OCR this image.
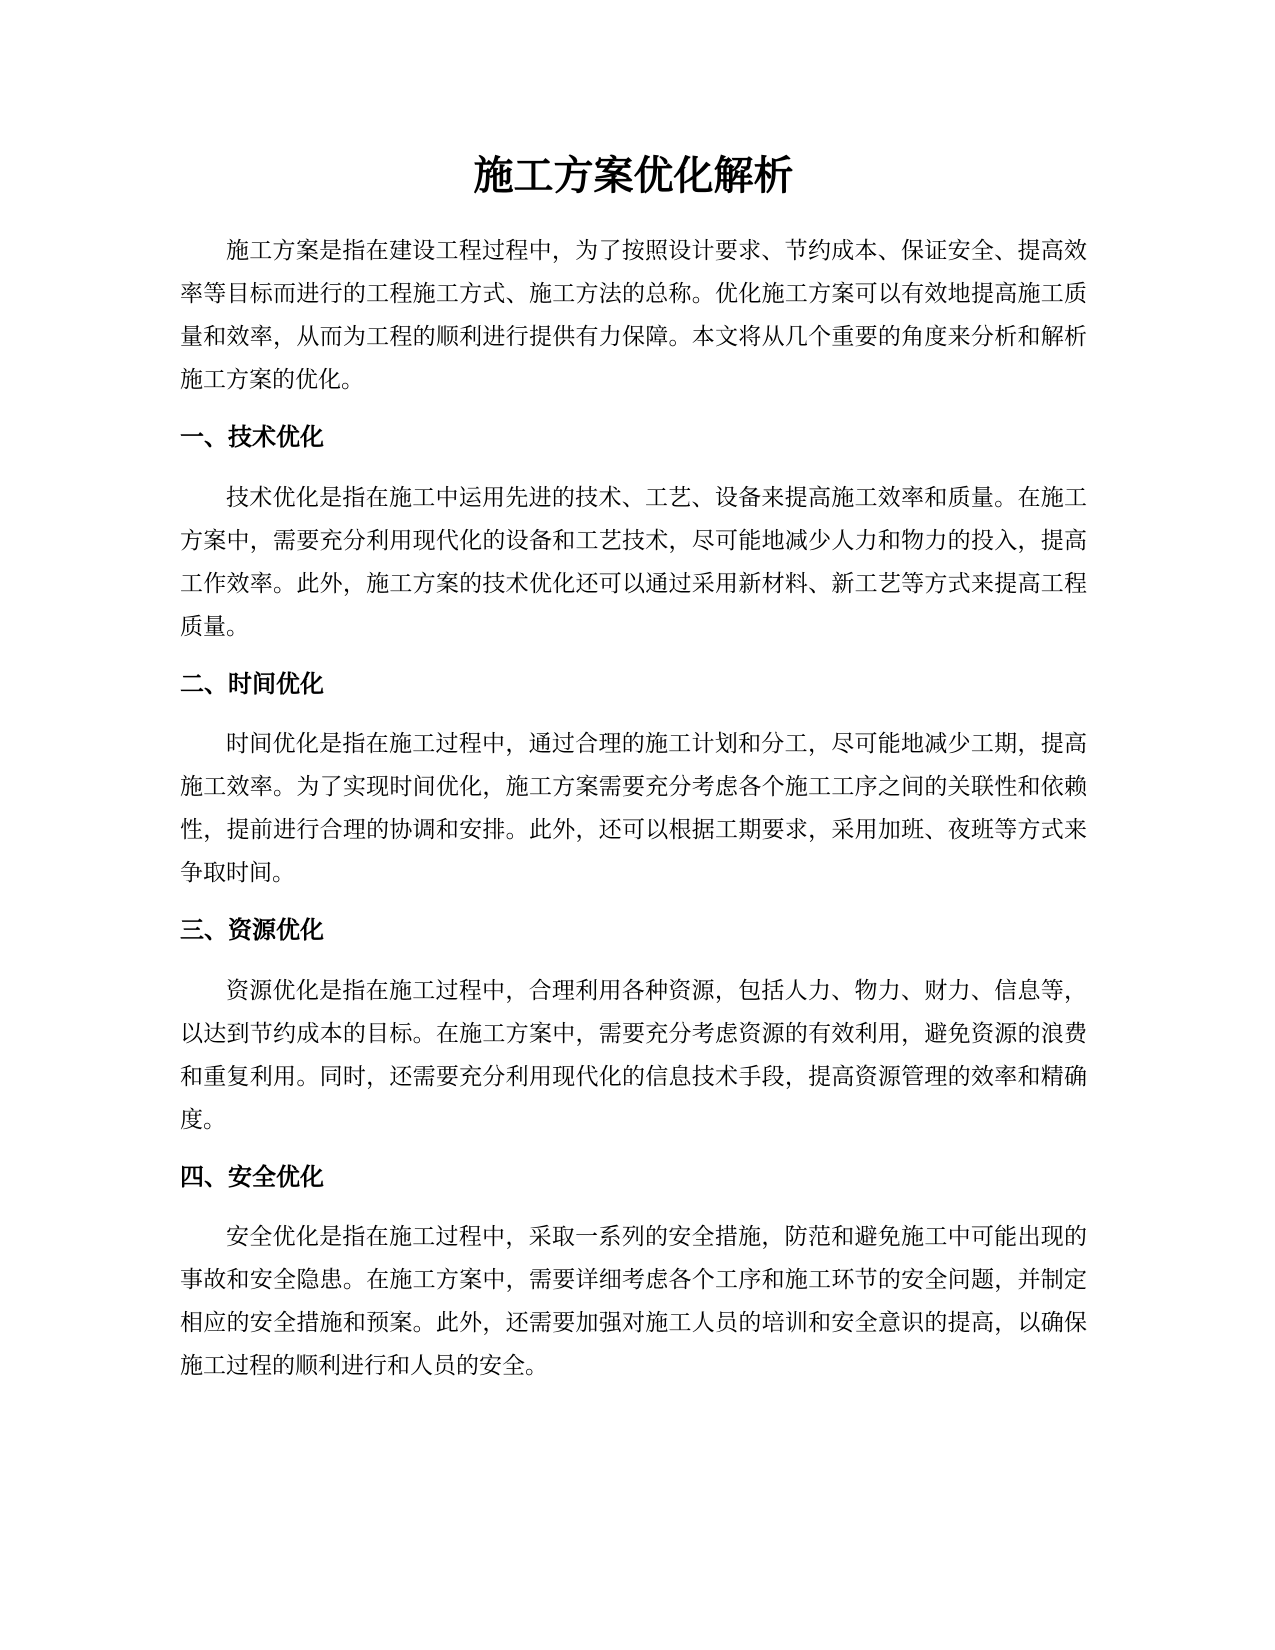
施工方案优化解析

施工方案是指在建设工程过程中，为了按照设计要求、节约成本、保证安全、提高效率等目标而进行的工程施工方式、施工方法的总称。优化施工方案可以有效地提高施工质量和效率，从而为工程的顺利进行提供有力保障。本文将从几个重要的角度来分析和解析施工方案的优化。

一、技术优化

技术优化是指在施工中运用先进的技术、工艺、设备来提高施工效率和质量。在施工方案中，需要充分利用现代化的设备和工艺技术，尽可能地减少人力和物力的投入，提高工作效率。此外，施工方案的技术优化还可以通过采用新材料、新工艺等方式来提高工程质量。

二、时间优化

时间优化是指在施工过程中，通过合理的施工计划和分工，尽可能地减少工期，提高施工效率。为了实现时间优化，施工方案需要充分考虑各个施工工序之间的关联性和依赖性，提前进行合理的协调和安排。此外，还可以根据工期要求，采用加班、夜班等方式来争取时间。

三、资源优化

资源优化是指在施工过程中，合理利用各种资源，包括人力、物力、财力、信息等，以达到节约成本的目标。在施工方案中，需要充分考虑资源的有效利用，避免资源的浪费和重复利用。同时，还需要充分利用现代化的信息技术手段，提高资源管理的效率和精确度。

四、安全优化

安全优化是指在施工过程中，采取一系列的安全措施，防范和避免施工中可能出现的事故和安全隐患。在施工方案中，需要详细考虑各个工序和施工环节的安全问题，并制定相应的安全措施和预案。此外，还需要加强对施工人员的培训和安全意识的提高，以确保施工过程的顺利进行和人员的安全。
